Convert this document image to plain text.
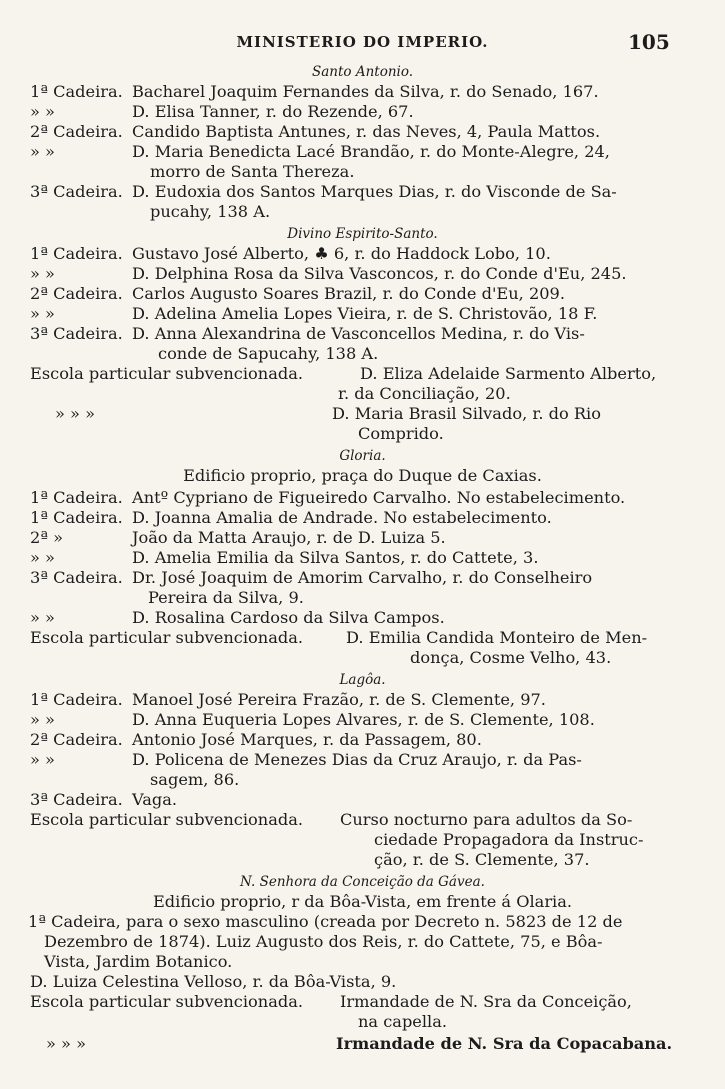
MINISTERIO DO IMPERIO.	105
Santo Antonio.
1ª Cadeira. Bacharel Joaquim Fernandes da Silva, r. do Senado, 167.
» »	D. Elisa Tanner, r. do Rezende, 67.
2ª Cadeira. Candido Baptista Antunes, r. das Neves, 4, Paula Mattos.
» »	D. Maria Benedicta Lacé Brandão, r. do Monte-Alegre, 24,
morro de Santa Thereza.
3ª Cadeira. D. Eudoxia dos Santos Marques Dias, r. do Visconde de Sa-
pucahy, 138 A.
Divino Espirito-Santo.
1ª Cadeira. Gustavo José Alberto, ♣ 6, r. do Haddock Lobo, 10.
» »	D. Delphina Rosa da Silva Vasconcos, r. do Conde d'Eu, 245.
2ª Cadeira. Carlos Augusto Soares Brazil, r. do Conde d'Eu, 209.
» »	D. Adelina Amelia Lopes Vieira, r. de S. Christovão, 18 F.
3ª Cadeira. D. Anna Alexandrina de Vasconcellos Medina, r. do Vis-
conde de Sapucahy, 138 A.
Escola particular subvencionada.	D. Eliza Adelaide Sarmento Alberto,
r. da Conciliação, 20.
» » »	D. Maria Brasil Silvado, r. do Rio
Comprido.
Gloria.
Edificio proprio, praça do Duque de Caxias.
1ª Cadeira. Antº Cypriano de Figueiredo Carvalho. No estabelecimento.
1ª Cadeira. D. Joanna Amalia de Andrade. No estabelecimento.
2ª »	João da Matta Araujo, r. de D. Luiza 5.
» »	D. Amelia Emilia da Silva Santos, r. do Cattete, 3.
3ª Cadeira. Dr. José Joaquim de Amorim Carvalho, r. do Conselheiro
Pereira da Silva, 9.
» »	D. Rosalina Cardoso da Silva Campos.
Escola particular subvencionada.	D. Emilia Candida Monteiro de Men-
donça, Cosme Velho, 43.
Lagôa.
1ª Cadeira. Manoel José Pereira Frazão, r. de S. Clemente, 97.
» »	D. Anna Euqueria Lopes Alvares, r. de S. Clemente, 108.
2ª Cadeira. Antonio José Marques, r. da Passagem, 80.
» »	D. Policena de Menezes Dias da Cruz Araujo, r. da Pas-
sagem, 86.
3ª Cadeira. Vaga.
Escola particular subvencionada. Curso nocturno para adultos da So-
ciedade Propagadora da Instruc-
ção, r. de S. Clemente, 37.
N. Senhora da Conceição da Gávea.
Edificio proprio, r da Bôa-Vista, em frente á Olaria.
1ª Cadeira, para o sexo masculino (creada por Decreto n. 5823 de 12 de
Dezembro de 1874). Luiz Augusto dos Reis, r. do Cattete, 75, e Bôa-
Vista, Jardim Botanico.
D. Luiza Celestina Velloso, r. da Bôa-Vista, 9.
Escola particular subvencionada. Irmandade de N. Sra da Conceição,
na capella.
» » »	Irmandade de N. Sra da Copacabana.
